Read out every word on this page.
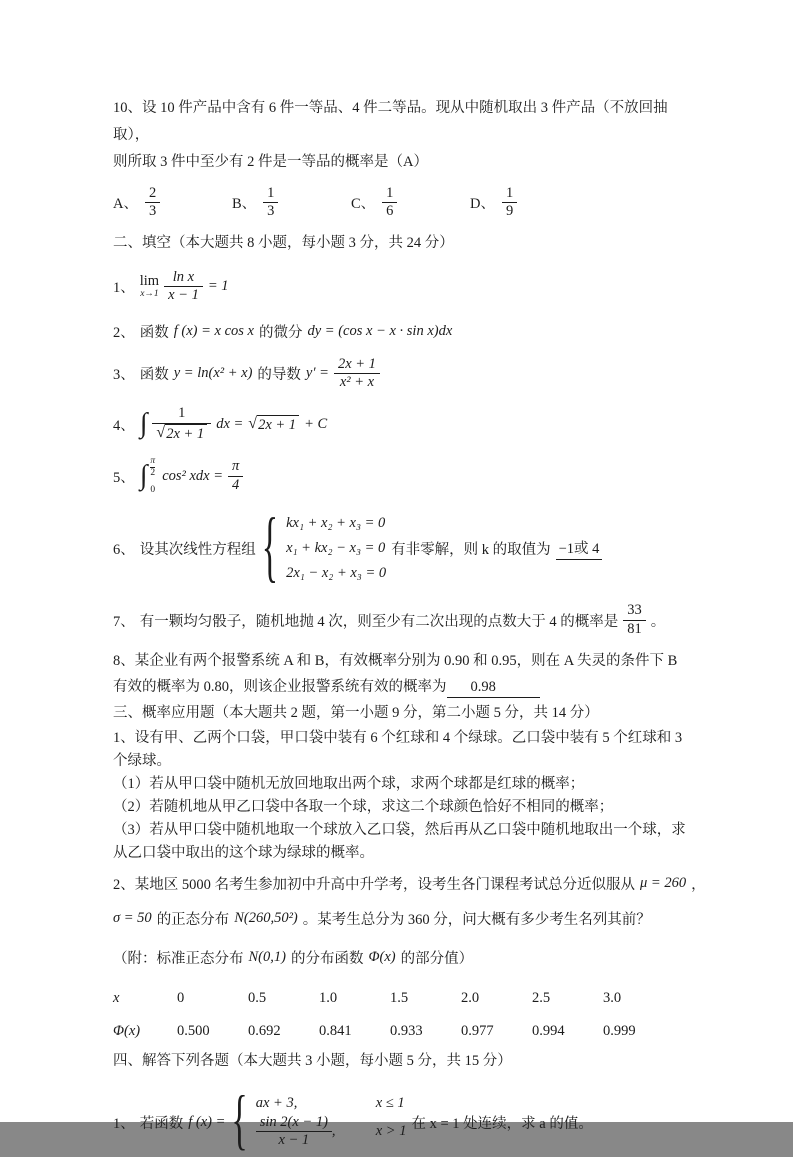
10、设 10 件产品中含有 6 件一等品、4 件二等品。现从中随机取出 3 件产品（不放回抽取），

则所取 3 件中至少有 2 件是一等品的概率是（A）

A、 $\frac{2}{3}$	B、 $\frac{1}{3}$	C、 $\frac{1}{6}$	D、 $\frac{1}{9}$

二、填空（本大题共 8 小题，每小题 3 分，共 24 分）

1、 lim
$x\to 1 \frac{\text{ln x}}{x - 1} = 1$
2、 函数 f (x) = x cos x 的微分 dy = (cos x − x · sin x)dx
3、 函数 y = ln(x² + x) 的导数 $y' = \frac{2x + 1}{\text{x² + x}}$
4、 ∫ $\frac{1}{√ 2x + 1}$ dx = √ 2x + 1 + C
5、 ∫ π
2
0
cos² xdx = $\frac{\pi}{4}$
6、 设其次线性方程组 { kx₁ + x₂ + x₃ = 0
x₁ + kx₂ − x₃ = 0
2x₁ − x₂ + x₃ = 0
有非零解，则 k 的取值为 −1或 4
7、 有一颗均匀骰子，随机地抛 4 次，则至少有二次出现的点数大于 4 的概率是 $\frac{33}{81}$ 。

8、某企业有两个报警系统 A 和 B，有效概率分别为 0.90 和 0.95，则在 A 失灵的条件下 B

有效的概率为 0.80，则该企业报警系统有效的概率为 0.98

三、概率应用题（本大题共 2 题，第一小题 9 分，第二小题 5 分，共 14 分）

1、设有甲、乙两个口袋，甲口袋中装有 6 个红球和 4 个绿球。乙口袋中装有 5 个红球和 3

个绿球。

（1）若从甲口袋中随机无放回地取出两个球，求两个球都是红球的概率；

（2）若随机地从甲乙口袋中各取一个球，求这二个球颜色恰好不相同的概率；

（3）若从甲口袋中随机地取一个球放入乙口袋，然后再从乙口袋中随机地取出一个球，求

从乙口袋中取出的这个球为绿球的概率。

2、某地区 5000 名考生参加初中升高中升学考，设考生各门课程考试总分近似服从 μ = 260 ，
σ = 50 的正态分布 N(260,50²) 。某考生总分为 360 分，问大概有多少考生名列其前？
（附：标准正态分布 N(0,1) 的分布函数 Φ(x) 的部分值）
x	0	0.5	1.0	1.5	2.0	2.5	3.0
Φ(x)	0.500	0.692	0.841	0.933	0.977	0.994	0.999

四、解答下列各题（本大题共 3 小题，每小题 5 分，共 15 分）

1、 若函数 f (x) = { ax + 3,	x ≤ 1
$\frac{\sin 2(x - 1)}{x - 1}$ ,	x > 1 在 x = 1 处连续，求 a 的值。
